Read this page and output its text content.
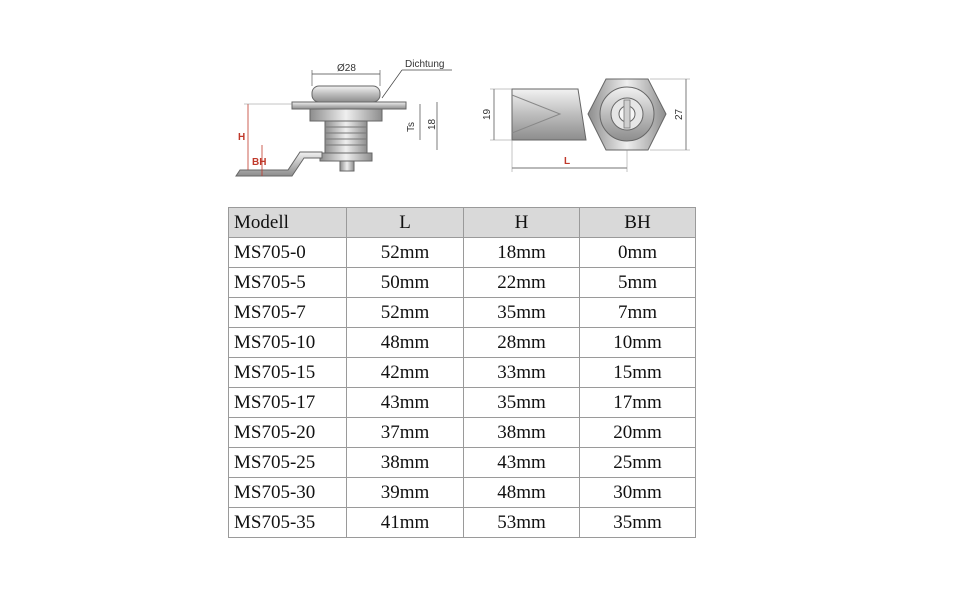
Ø28	Dichtung
H
BH
Ts 18
19	27
L
Modell	L	H	BH
MS705-0	52mm	18mm	0mm
MS705-5	50mm	22mm	5mm
MS705-7	52mm	35mm	7mm
MS705-10	48mm	28mm	10mm
MS705-15	42mm	33mm	15mm
MS705-17	43mm	35mm	17mm
MS705-20	37mm	38mm	20mm
MS705-25	38mm	43mm	25mm
MS705-30	39mm	48mm	30mm
MS705-35	41mm	53mm	35mm
